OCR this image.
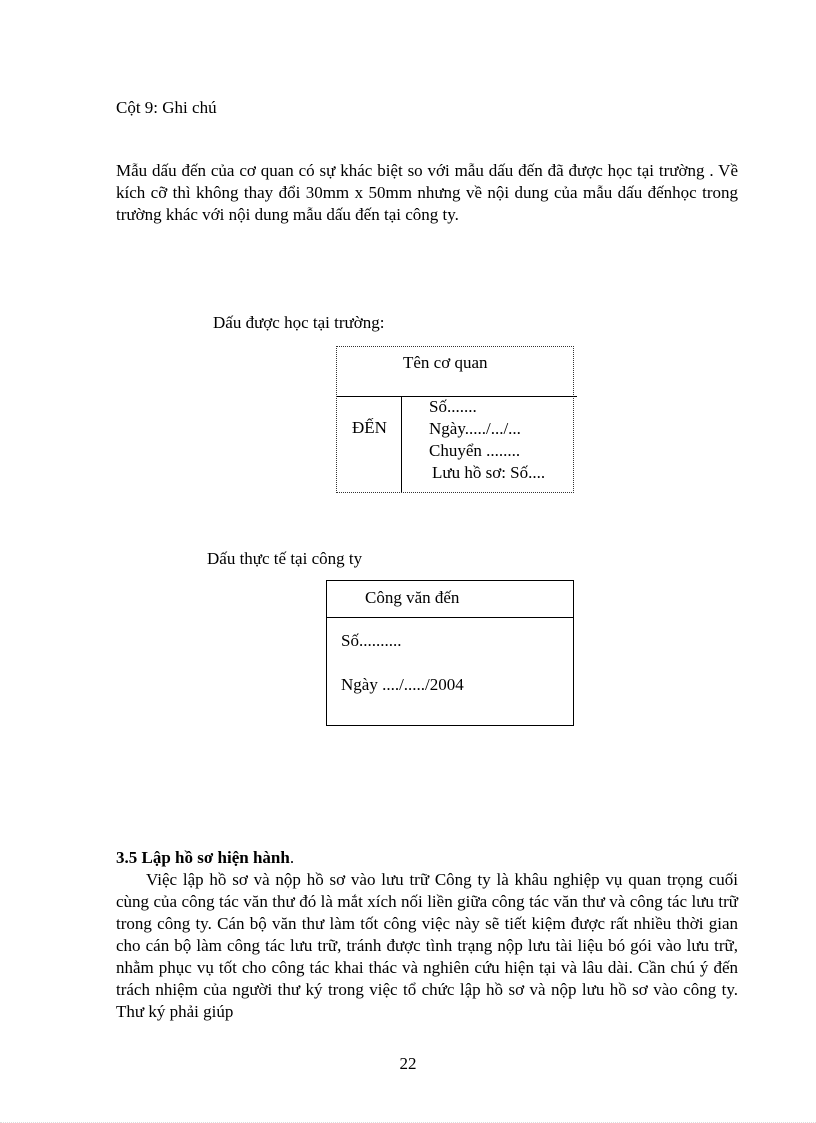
Cột 9: Ghi chú
Mẫu dấu đến của cơ quan có sự khác biệt so với mẫu dấu đến đã được học tại trường . Về kích cỡ thì không thay đổi 30mm x 50mm nhưng về nội dung của mẫu dấu đếnhọc trong trường khác với nội dung mẫu dấu đến tại công ty.
Dấu được học tại trường:
Tên cơ quan
ĐẾN
Số.......
Ngày...../.../...
Chuyển ........
Lưu hồ sơ: Số....
Dấu thực tế tại công ty
Công văn đến
Số..........
Ngày ..../...../2004
3.5 Lập hồ sơ hiện hành.
Việc lập hồ sơ và nộp hồ sơ vào lưu trữ Công ty là khâu nghiệp vụ quan trọng cuối cùng của công tác văn thư đó là mắt xích nối liền giữa công tác văn thư và công tác lưu trữ trong công ty. Cán bộ văn thư làm tốt công việc này sẽ tiết kiệm được rất nhiều thời gian cho cán bộ làm công tác lưu trữ, tránh được tình trạng nộp lưu tài liệu bó gói vào lưu trữ, nhằm phục vụ tốt cho công tác khai thác và nghiên cứu hiện tại và lâu dài. Cần chú ý đến trách nhiệm của người thư ký trong việc tổ chức lập hồ sơ và nộp lưu hồ sơ vào công ty. Thư ký phải giúp
22
